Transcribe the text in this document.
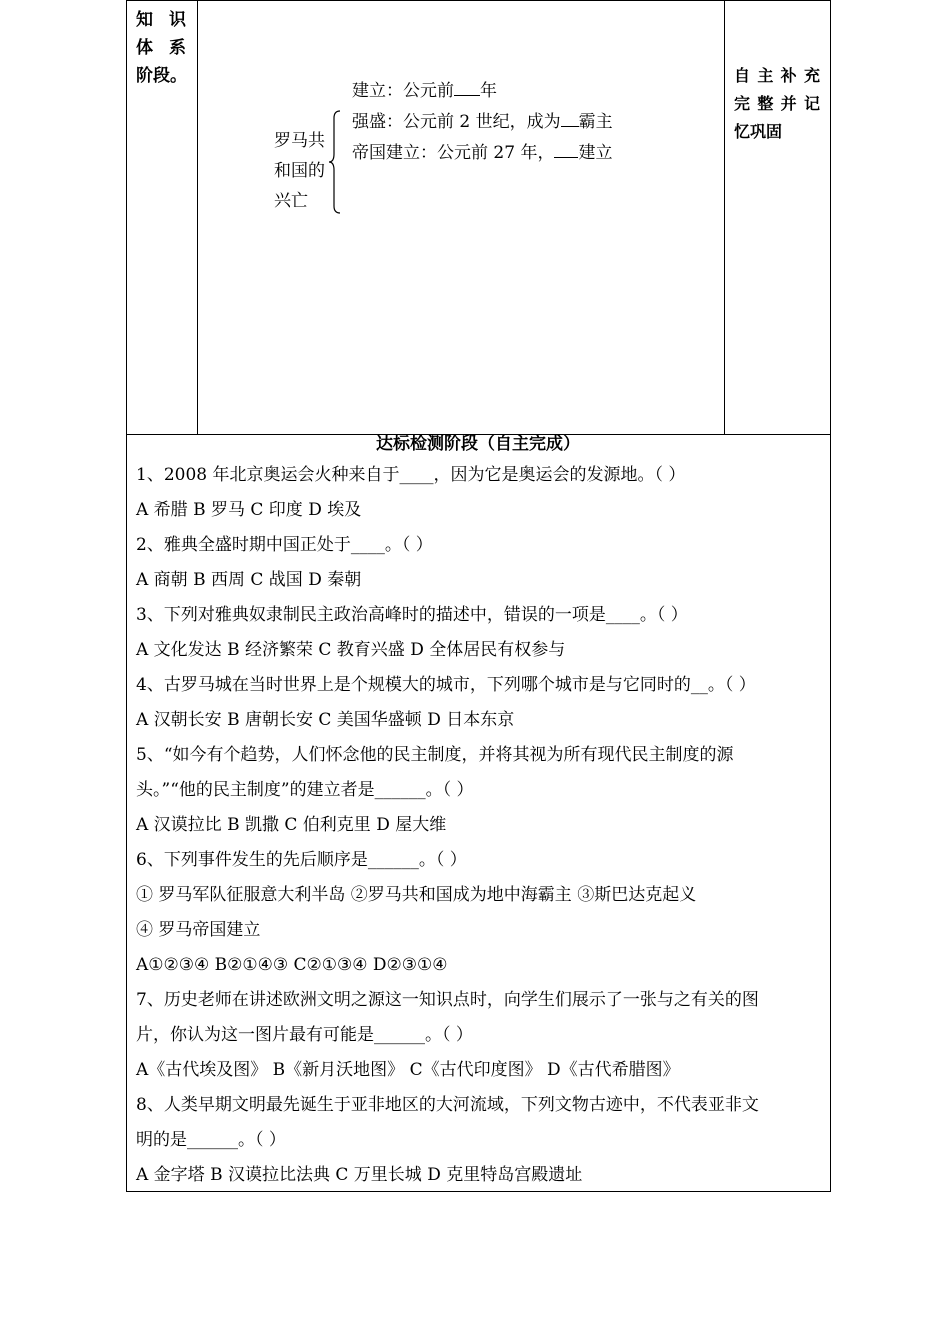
知 识
体 系
阶段。	自 主 补 充
完 整 并 记
忆巩固
罗马共
和国的
兴亡
建立：公元前 年
强盛：公元前 2 世纪，成为 霸主
帝国建立：公元前 27 年， 建立
达标检测阶段（自主完成）
1、2008 年北京奥运会火种来自于____，因为它是奥运会的发源地。（ ）
A 希腊 B 罗马 C 印度 D 埃及
2、雅典全盛时期中国正处于____。（ ）
A 商朝 B 西周 C 战国 D 秦朝
3、下列对雅典奴隶制民主政治高峰时的描述中，错误的一项是____。（ ）
A 文化发达 B 经济繁荣 C 教育兴盛 D 全体居民有权参与
4、古罗马城在当时世界上是个规模大的城市，下列哪个城市是与它同时的__。（ ）
A 汉朝长安 B 唐朝长安 C 美国华盛顿 D 日本东京
5、“如今有个趋势，人们怀念他的民主制度，并将其视为所有现代民主制度的源
头。”“他的民主制度”的建立者是______。（ ）
A 汉谟拉比 B 凯撒 C 伯利克里 D 屋大维
6、下列事件发生的先后顺序是______。（ ）
① 罗马军队征服意大利半岛 ②罗马共和国成为地中海霸主 ③斯巴达克起义
④ 罗马帝国建立
A①②③④ B②①④③ C②①③④ D②③①④
7、历史老师在讲述欧洲文明之源这一知识点时，向学生们展示了一张与之有关的图
片，你认为这一图片最有可能是______。（ ）
A《古代埃及图》 B《新月沃地图》 C《古代印度图》 D《古代希腊图》
8、人类早期文明最先诞生于亚非地区的大河流域，下列文物古迹中，不代表亚非文
明的是______。（ ）
A 金字塔 B 汉谟拉比法典 C 万里长城 D 克里特岛宫殿遗址
